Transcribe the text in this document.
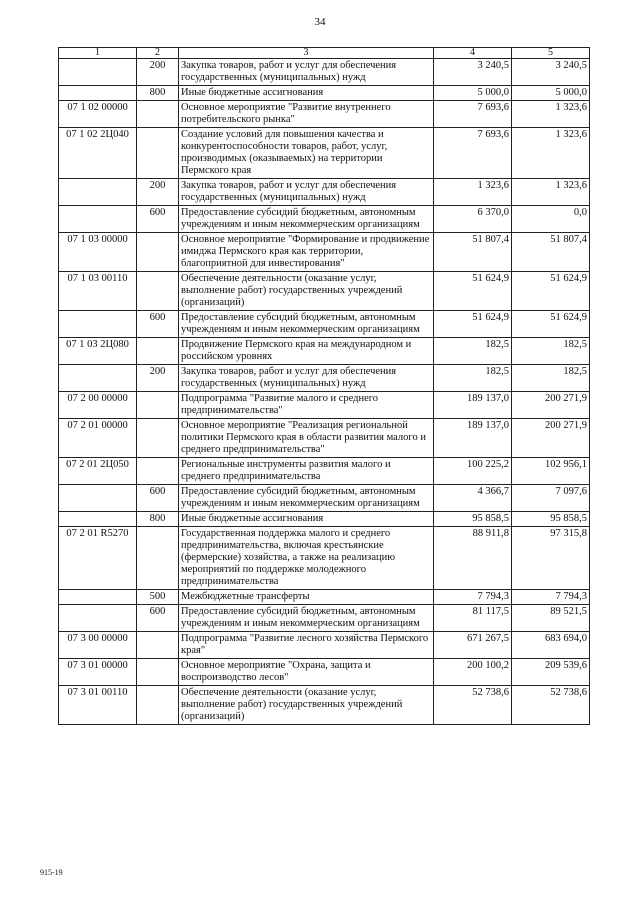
34
1	2	3	4	5
	200	Закупка товаров, работ и услуг для обеспечения государственных (муниципальных) нужд	3 240,5	3 240,5
	800	Иные бюджетные ассигнования	5 000,0	5 000,0
07 1 02 00000		Основное мероприятие "Развитие внутреннего потребительского рынка"	7 693,6	1 323,6
07 1 02 2Ц040		Создание условий для повышения качества и конкурентоспособности товаров, работ, услуг, производимых (оказываемых) на территории Пермского края	7 693,6	1 323,6
	200	Закупка товаров, работ и услуг для обеспечения государственных (муниципальных) нужд	1 323,6	1 323,6
	600	Предоставление субсидий бюджетным, автономным учреждениям и иным некоммерческим организациям	6 370,0	0,0
07 1 03 00000		Основное мероприятие "Формирование и продвижение имиджа Пермского края как территории, благоприятной для инвестирования"	51 807,4	51 807,4
07 1 03 00110		Обеспечение деятельности (оказание услуг, выполнение работ) государственных учреждений (организаций)	51 624,9	51 624,9
	600	Предоставление субсидий бюджетным, автономным учреждениям и иным некоммерческим организациям	51 624,9	51 624,9
07 1 03 2Ц080		Продвижение Пермского края на международном и российском уровнях	182,5	182,5
	200	Закупка товаров, работ и услуг для обеспечения государственных (муниципальных) нужд	182,5	182,5
07 2 00 00000		Подпрограмма "Развитие малого и среднего предпринимательства"	189 137,0	200 271,9
07 2 01 00000		Основное мероприятие "Реализация региональной политики Пермского края в области развития малого и среднего предпринимательства"	189 137,0	200 271,9
07 2 01 2Ц050		Региональные инструменты развития малого и среднего предпринимательства	100 225,2	102 956,1
	600	Предоставление субсидий бюджетным, автономным учреждениям и иным некоммерческим организациям	4 366,7	7 097,6
	800	Иные бюджетные ассигнования	95 858,5	95 858,5
07 2 01 R5270		Государственная поддержка малого и среднего предпринимательства, включая крестьянские (фермерские) хозяйства, а также на реализацию мероприятий по поддержке молодежного предпринимательства	88 911,8	97 315,8
	500	Межбюджетные трансферты	7 794,3	7 794,3
	600	Предоставление субсидий бюджетным, автономным учреждениям и иным некоммерческим организациям	81 117,5	89 521,5
07 3 00 00000		Подпрограмма "Развитие лесного хозяйства Пермского края"	671 267,5	683 694,0
07 3 01 00000		Основное мероприятие "Охрана, защита и воспроизводство лесов"	200 100,2	209 539,6
07 3 01 00110		Обеспечение деятельности (оказание услуг, выполнение работ) государственных учреждений (организаций)	52 738,6	52 738,6
915-19
